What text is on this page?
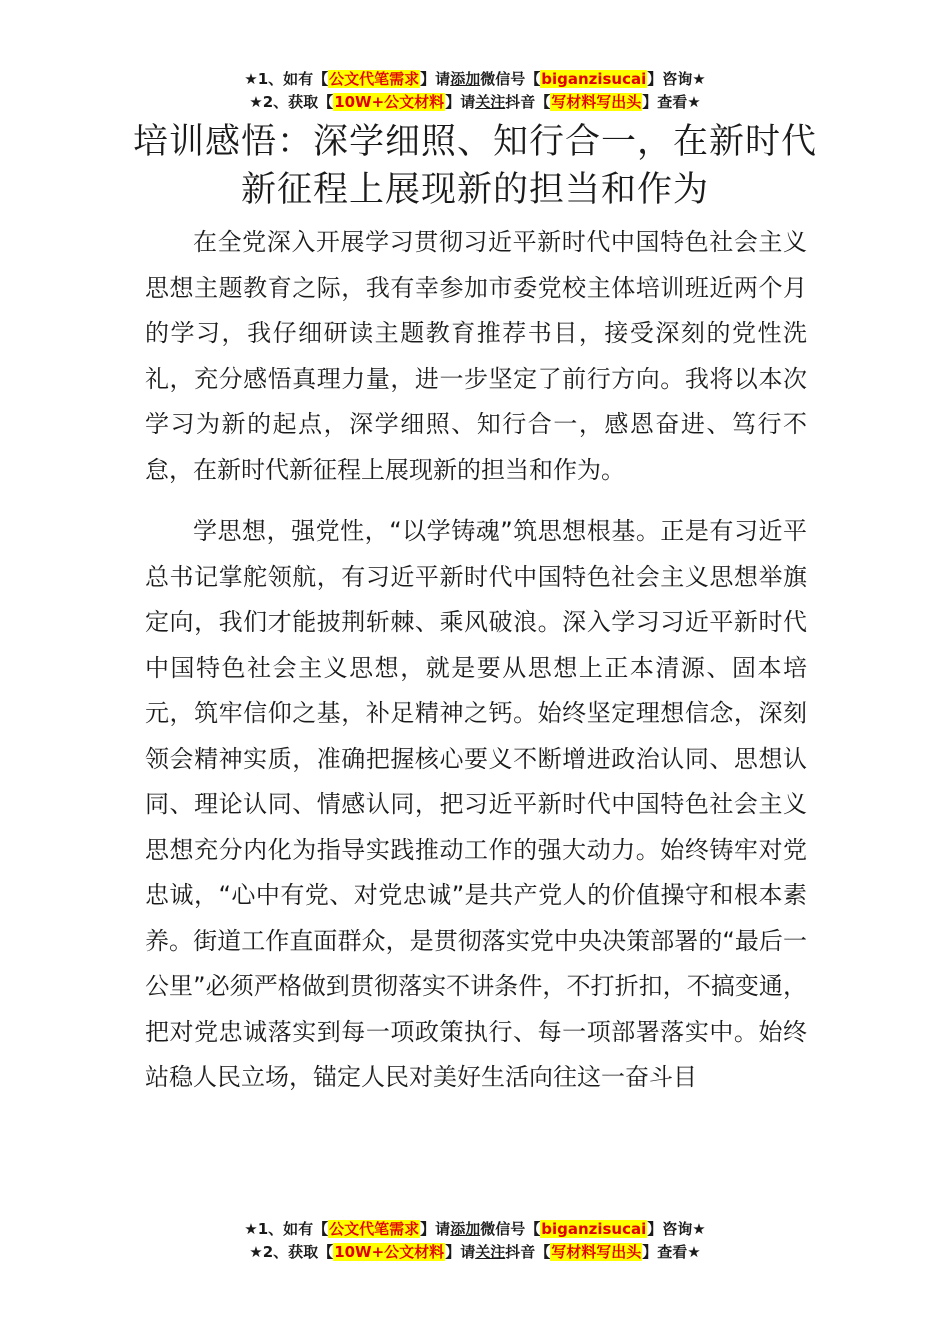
★1、如有【公文代笔需求】请添加微信号【biganzisucai】咨询★
★2、获取【10W+公文材料】请关注抖音【写材料写出头】查看★
培训感悟：深学细照、知行合一，在新时代新征程上展现新的担当和作为

在全党深入开展学习贯彻习近平新时代中国特色社会主义思想主题教育之际，我有幸参加市委党校主体培训班近两个月的学习，我仔细研读主题教育推荐书目，接受深刻的党性洗礼，充分感悟真理力量，进一步坚定了前行方向。我将以本次学习为新的起点，深学细照、知行合一，感恩奋进、笃行不怠，在新时代新征程上展现新的担当和作为。

学思想，强党性，“以学铸魂”筑思想根基。正是有习近平总书记掌舵领航，有习近平新时代中国特色社会主义思想举旗定向，我们才能披荆斩棘、乘风破浪。深入学习习近平新时代中国特色社会主义思想，就是要从思想上正本清源、固本培元，筑牢信仰之基，补足精神之钙。始终坚定理想信念，深刻领会精神实质，准确把握核心要义不断增进政治认同、思想认同、理论认同、情感认同，把习近平新时代中国特色社会主义思想充分内化为指导实践推动工作的强大动力。始终铸牢对党忠诚，“心中有党、对党忠诚”是共产党人的价值操守和根本素养。街道工作直面群众，是贯彻落实党中央决策部署的“最后一公里”必须严格做到贯彻落实不讲条件，不打折扣，不搞变通，把对党忠诚落实到每一项政策执行、每一项部署落实中。始终站稳人民立场，锚定人民对美好生活向往这一奋斗目

★1、如有【公文代笔需求】请添加微信号【biganzisucai】咨询★
★2、获取【10W+公文材料】请关注抖音【写材料写出头】查看★
